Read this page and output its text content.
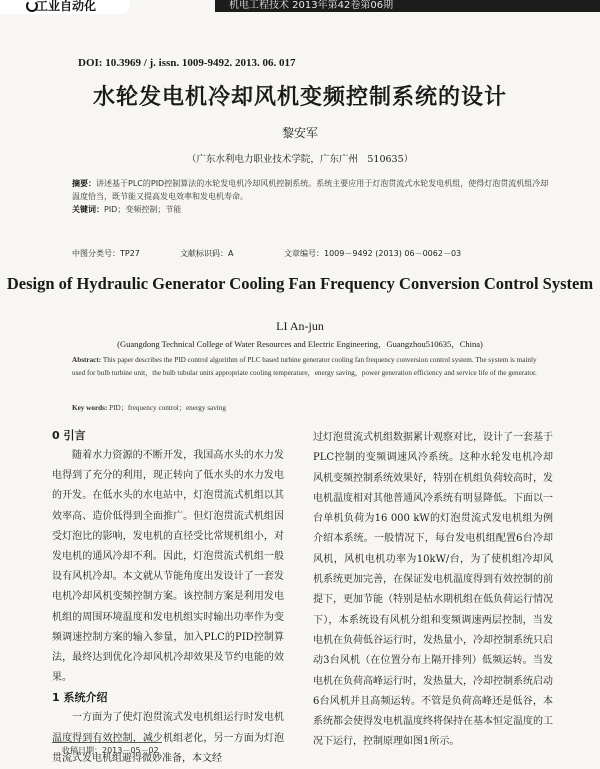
工业自动化	机电工程技术 2013年第42卷第06期
DOI: 10.3969 / j. issn. 1009-9492. 2013. 06. 017
水轮发电机冷却风机变频控制系统的设计
黎安军
（广东水利电力职业技术学院，广东广州　510635）
摘要：讲述基于PLC的PID控制算法的水轮发电机冷却风机控制系统。系统主要应用于灯泡贯流式水轮发电机组，使得灯泡贯流机组冷却温度恰当，既节能又提高发电效率和发电机寿命。
关键词：PID；变频控制；节能
中图分类号：TP27	文献标识码：A	文章编号：1009－9492 (2013) 06－0062－03
Design of Hydraulic Generator Cooling Fan Frequency Conversion Control System
LI An-jun
(Guangdong Technical College of Water Resources and Electric Engineering，Guangzhou510635，China)
Abstract: This paper describes the PID control algorithm of PLC based turbine generator cooling fan frequency conversion control system. The system is mainly used for bulb turbine unit，the bulb tubular units appropriate cooling temperature，energy saving，power generation efficiency and service life of the generator.
Key words: PID；frequency control；energy saving
0 引言

随着水力资源的不断开发，我国高水头的水力发电得到了充分的利用，现正转向了低水头的水力发电的开发。在低水头的水电站中，灯泡贯流式机组以其效率高、造价低得到全面推广。但灯泡贯流式机组因受灯泡比的影响，发电机的直径受比常规机组小，对发电机的通风冷却不利。因此，灯泡贯流式机组一般设有风机冷却。本文就从节能角度出发设计了一套发电机冷却风机变频控制方案。该控制方案是利用发电机组的周围环境温度和发电机组实时输出功率作为变频调速控制方案的输入参量，加入PLC的PID控制算法，最终达到优化冷却风机冷却效果及节约电能的效果。

1 系统介绍

一方面为了使灯泡贯流式发电机组运行时发电机温度得到有效控制，减少机组老化，另一方面为灯泡贯流式发电机组避得微妙准备，本文经

过灯泡贯流式机组数据累计观察对比，设计了一套基于PLC控制的变频调速风冷系统。这种水轮发电机冷却风机变频控制系统效果好，特别在机组负荷较高时，发电机温度相对其他普通风冷系统有明显降低。下面以一台单机负荷为16 000 kW的灯泡贯流式发电机组为例介绍本系统。一般情况下，每台发电机组配置6台冷却风机，风机电机功率为10kW/台，为了使机组冷却风机系统更加完善，在保证发电机温度得到有效控制的前提下，更加节能（特别是枯水期机组在低负荷运行情况下），本系统设有风机分组和变频调速两层控制，当发电机在负荷低谷运行时，发热量小，冷却控制系统只启动3台风机（在位置分布上隔开排列）低频运转。当发电机在负荷高峰运行时，发热量大，冷却控制系统启动6台风机并且高频运转。不管是负荷高峰还是低谷，本系统都会使得发电机温度终将保持在基本恒定温度的工况下运行，控制原理如图1所示。

收稿日期：2013－05－02
